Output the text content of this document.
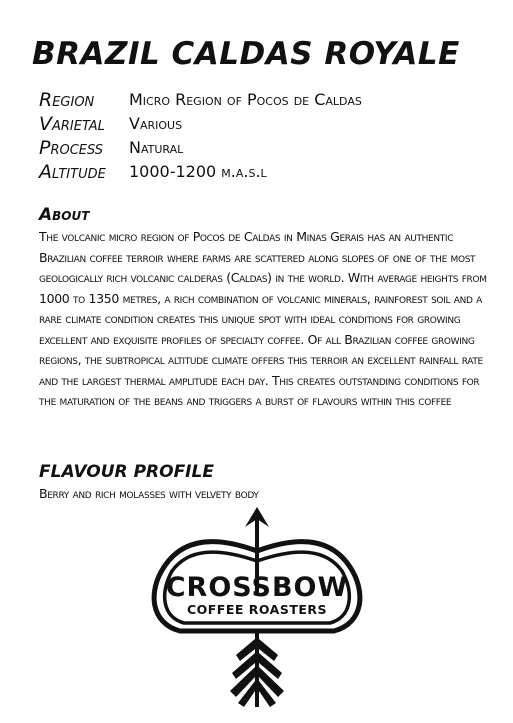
BRAZIL CALDAS ROYALE
Region Micro Region of Pocos de Caldas
Varietal Various
Process Natural
Altitude 1000-1200 m.a.s.l
About
The volcanic micro region of Pocos de Caldas in Minas Gerais has an authentic Brazilian coffee terroir where farms are scattered along slopes of one of the most geologically rich volcanic calderas (Caldas) in the world. With average heights from 1000 to 1350 metres, a rich combination of volcanic minerals, rainforest soil and a rare climate condition creates this unique spot with ideal conditions for growing excellent and exquisite profiles of specialty coffee. Of all Brazilian coffee growing regions, the subtropical altitude climate offers this terroir an excellent rainfall rate and the largest thermal amplitude each day. This creates outstanding conditions for the maturation of the beans and triggers a burst of flavours within this coffee
FLAVOUR PROFILE
Berry and rich molasses with velvety body
CROSSBOW
COFFEE ROASTERS
